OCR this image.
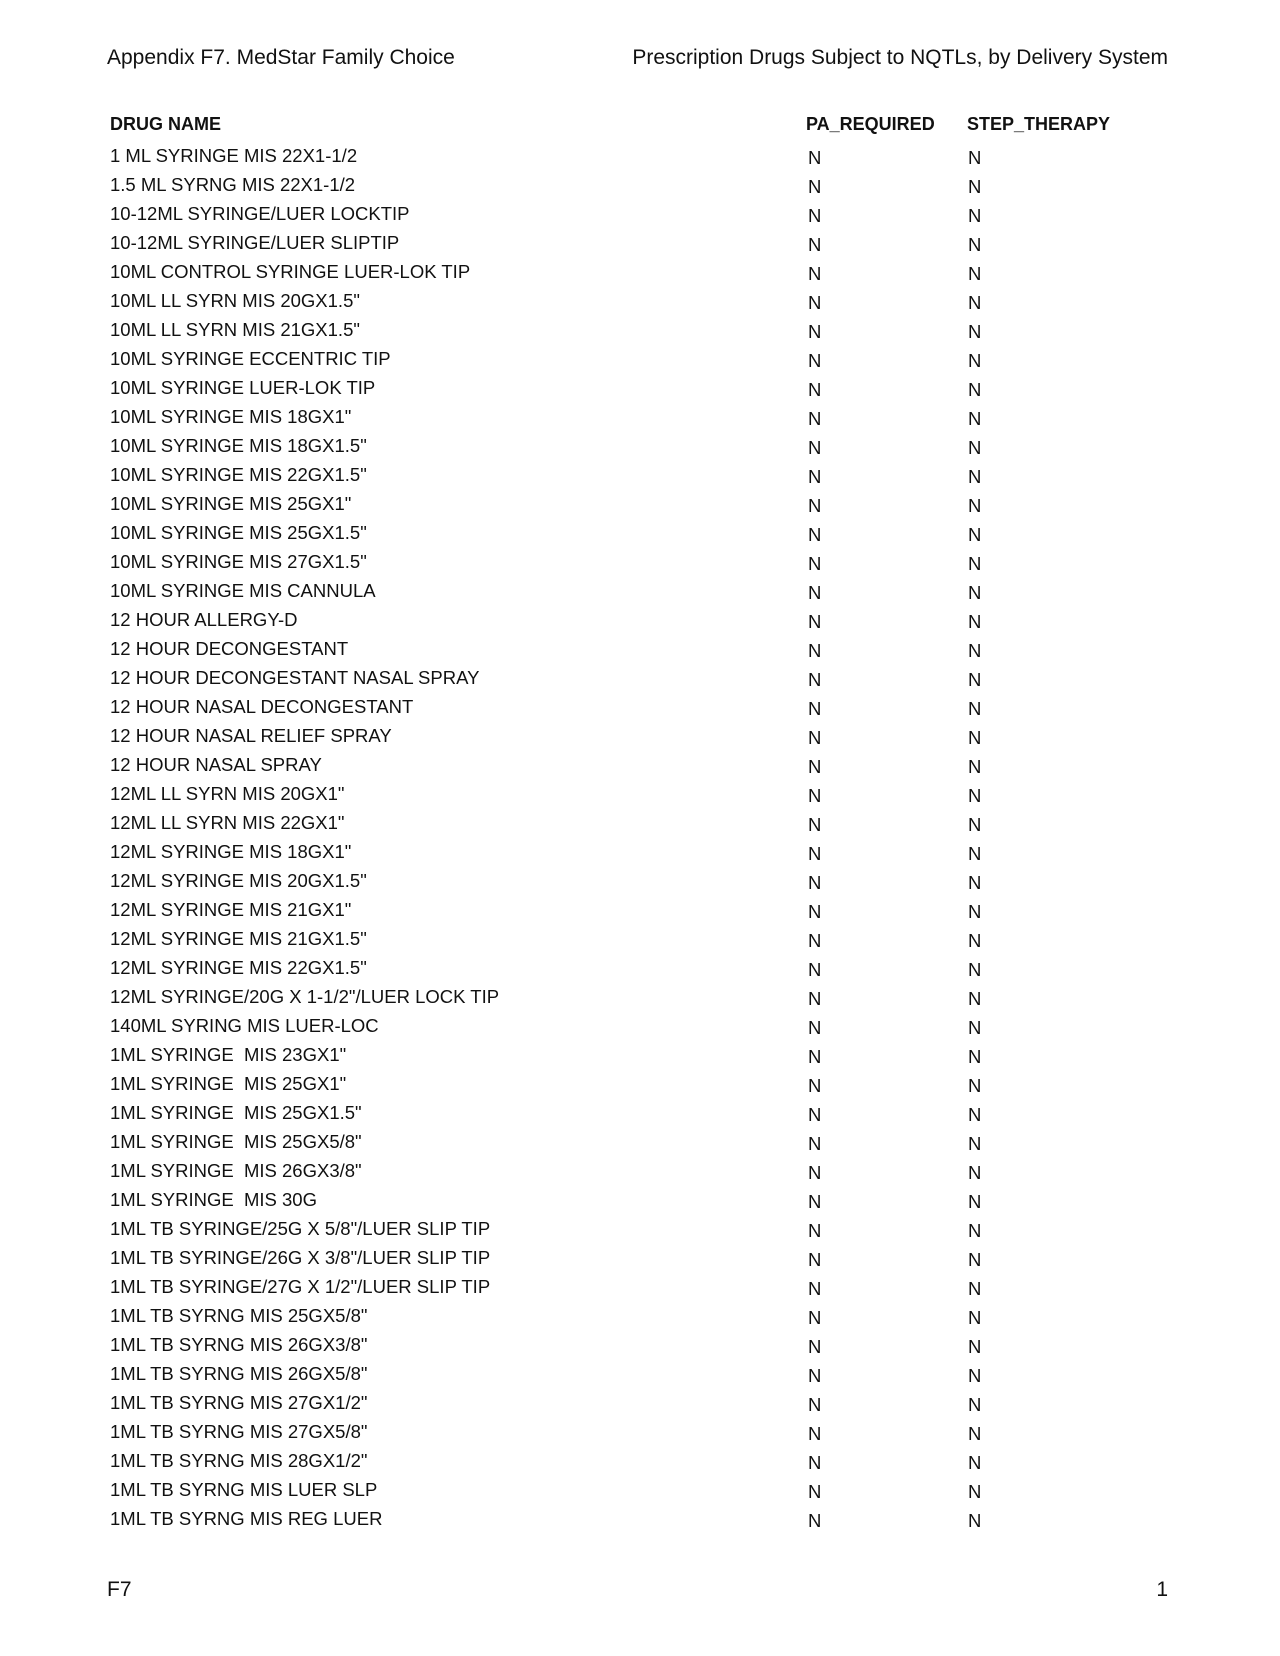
Appendix F7. MedStar Family Choice	Prescription Drugs Subject to NQTLs, by Delivery System
DRUG NAME	PA_REQUIRED STEP_THERAPY
1 ML SYRINGE MIS 22X1-1/2	N	N
1.5 ML SYRNG MIS 22X1-1/2	N	N
10-12ML SYRINGE/LUER LOCKTIP	N	N
10-12ML SYRINGE/LUER SLIPTIP	N	N
10ML CONTROL SYRINGE LUER-LOK TIP	N	N
10ML LL SYRN MIS 20GX1.5"	N	N
10ML LL SYRN MIS 21GX1.5"	N	N
10ML SYRINGE ECCENTRIC TIP	N	N
10ML SYRINGE LUER-LOK TIP	N	N
10ML SYRINGE MIS 18GX1"	N	N
10ML SYRINGE MIS 18GX1.5"	N	N
10ML SYRINGE MIS 22GX1.5"	N	N
10ML SYRINGE MIS 25GX1"	N	N
10ML SYRINGE MIS 25GX1.5"	N	N
10ML SYRINGE MIS 27GX1.5"	N	N
10ML SYRINGE MIS CANNULA	N	N
12 HOUR ALLERGY-D	N	N
12 HOUR DECONGESTANT	N	N
12 HOUR DECONGESTANT NASAL SPRAY	N	N
12 HOUR NASAL DECONGESTANT	N	N
12 HOUR NASAL RELIEF SPRAY	N	N
12 HOUR NASAL SPRAY	N	N
12ML LL SYRN MIS 20GX1"	N	N
12ML LL SYRN MIS 22GX1"	N	N
12ML SYRINGE MIS 18GX1"	N	N
12ML SYRINGE MIS 20GX1.5"	N	N
12ML SYRINGE MIS 21GX1"	N	N
12ML SYRINGE MIS 21GX1.5"	N	N
12ML SYRINGE MIS 22GX1.5"	N	N
12ML SYRINGE/20G X 1-1/2"/LUER LOCK TIP	N	N
140ML SYRING MIS LUER-LOC	N	N
1ML SYRINGE  MIS 23GX1"	N	N
1ML SYRINGE  MIS 25GX1"	N	N
1ML SYRINGE  MIS 25GX1.5"	N	N
1ML SYRINGE  MIS 25GX5/8"	N	N
1ML SYRINGE  MIS 26GX3/8"	N	N
1ML SYRINGE  MIS 30G	N	N
1ML TB SYRINGE/25G X 5/8"/LUER SLIP TIP	N	N
1ML TB SYRINGE/26G X 3/8"/LUER SLIP TIP	N	N
1ML TB SYRINGE/27G X 1/2"/LUER SLIP TIP	N	N
1ML TB SYRNG MIS 25GX5/8"	N	N
1ML TB SYRNG MIS 26GX3/8"	N	N
1ML TB SYRNG MIS 26GX5/8"	N	N
1ML TB SYRNG MIS 27GX1/2"	N	N
1ML TB SYRNG MIS 27GX5/8"	N	N
1ML TB SYRNG MIS 28GX1/2"	N	N
1ML TB SYRNG MIS LUER SLP	N	N
1ML TB SYRNG MIS REG LUER	N	N
F7	1
